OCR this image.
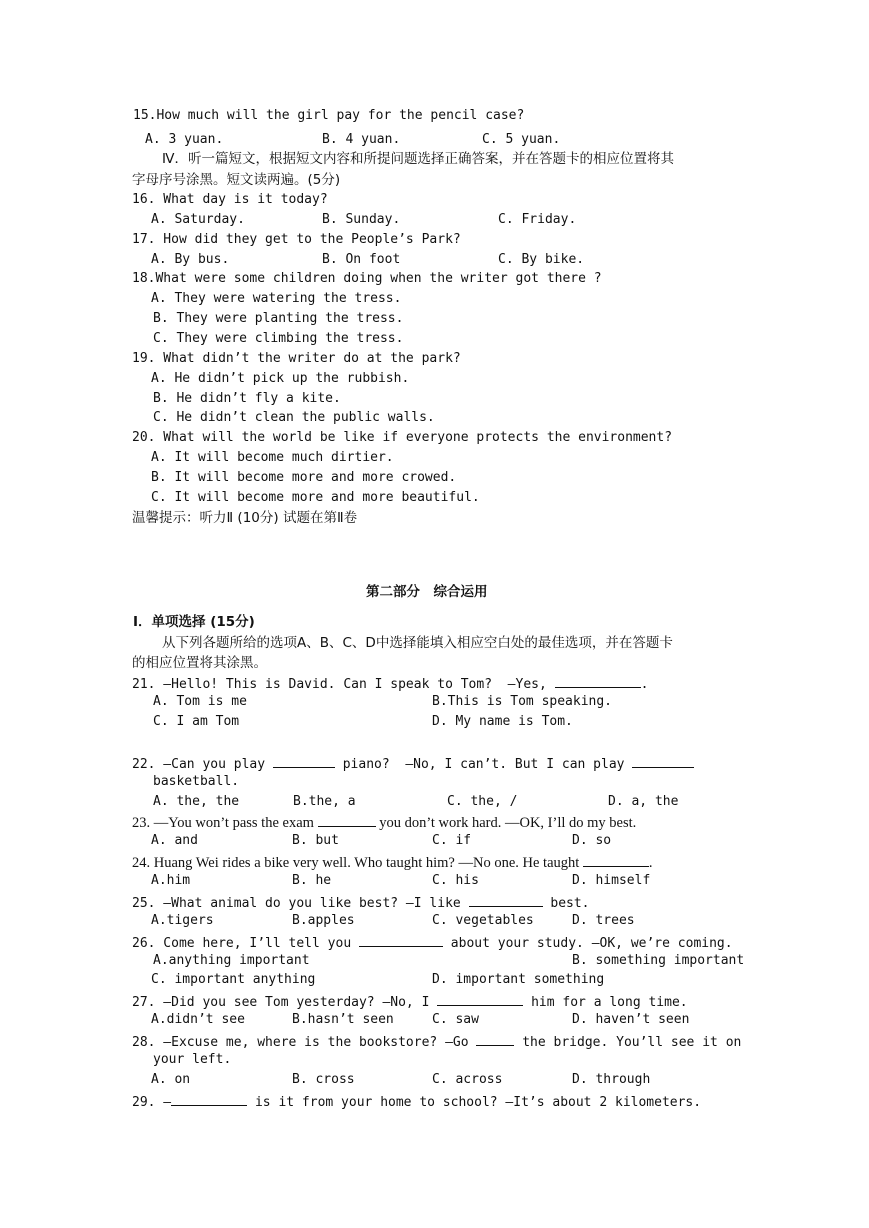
15.How much will the girl pay for the pencil case?
A. 3 yuan.	B. 4 yuan.	C. 5 yuan.
Ⅳ．听一篇短文，根据短文内容和所提问题选择正确答案，并在答题卡的相应位置将其
字母序号涂黑。短文读两遍。(5分)
16. What day is it today?
A. Saturday.	B. Sunday.	C. Friday.
17. How did they get to the People’s Park?
A. By bus.	B. On foot	C. By bike.
18.What were some children doing when the writer got there ?
A. They were watering the tress.
B. They were planting the tress.
C. They were climbing the tress.
19. What didn’t the writer do at the park?
A. He didn’t pick up the rubbish.
B. He didn’t fly a kite.
C. He didn’t clean the public walls.
20. What will the world be like if everyone protects the environment?
A. It will become much dirtier.
B. It will become more and more crowed.
C. It will become more and more beautiful.
温馨提示：听力Ⅱ (10分) 试题在第Ⅱ卷
第二部分　综合运用
Ⅰ．单项选择 (15分)
从下列各题所给的选项A、B、C、D中选择能填入相应空白处的最佳选项，并在答题卡
的相应位置将其涂黑。
21. —Hello! This is David. Can I speak to Tom?  —Yes,	.
A. Tom is me	B.This is Tom speaking.
C. I am Tom	D. My name is Tom.
22. —Can you play	piano?  —No, I can’t. But I can play
basketball.
A. the, the	B.the, a	C. the, /	D. a, the
23. —You won’t pass the exam	you don’t work hard. —OK, I’ll do my best.
A. and	B. but	C. if	D. so
24. Huang Wei rides a bike very well. Who taught him? —No one. He taught	.
A.him	B. he	C. his	D. himself
25. —What animal do you like best? —I like	best.
A.tigers	B.apples	C. vegetables	D. trees
26. Come here, I’ll tell you	about your study. —OK, we’re coming.
A.anything important	B. something important
C. important anything	D. important something
27. —Did you see Tom yesterday? —No, I	him for a long time.
A.didn’t see	B.hasn’t seen	C. saw	D. haven’t seen
28. —Excuse me, where is the bookstore? —Go	the bridge. You’ll see it on
your left.
A. on	B. cross	C. across	D. through
29. —	is it from your home to school? —It’s about 2 kilometers.
